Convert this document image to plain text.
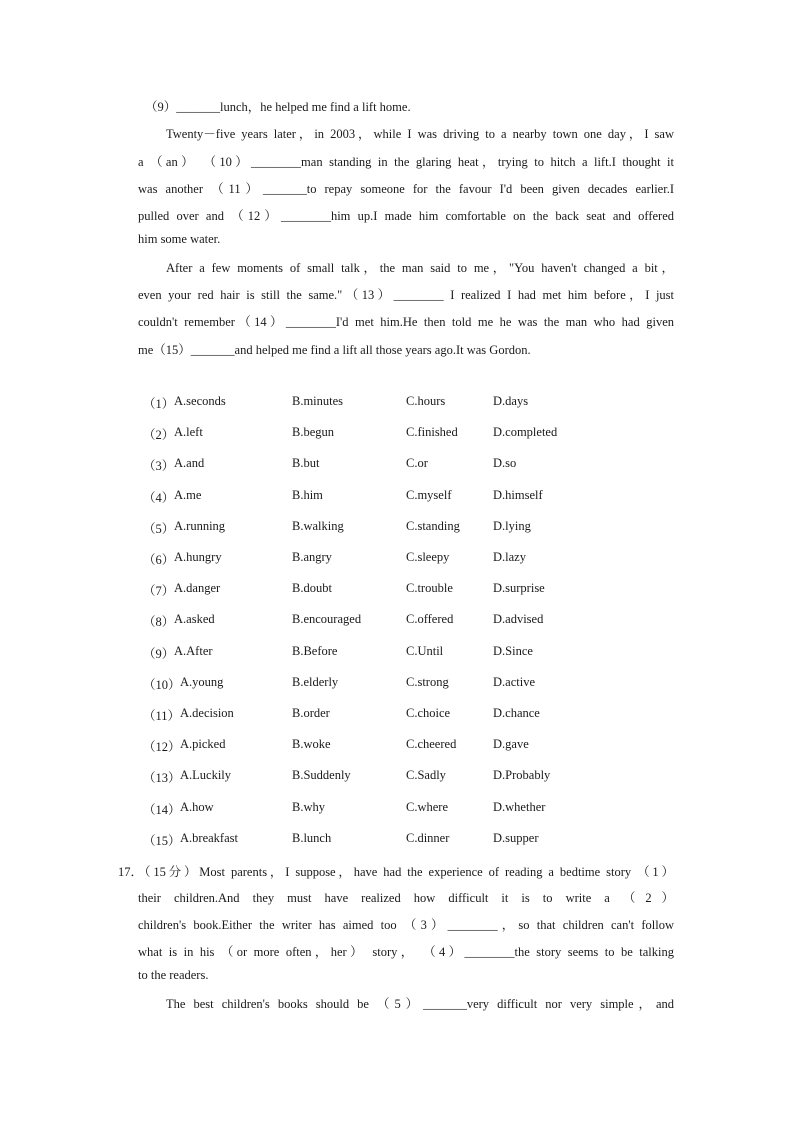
（9）_______lunch，he helped me find a lift home.
Twenty－five years later，in 2003，while I was driving to a nearby town one day，I saw
a （an） （10）________man standing in the glaring heat，trying to hitch a lift.I thought it
was another （11）_______to repay someone for the favour I'd been given decades earlier.I
pulled over and （12）________him up.I made him comfortable on the back seat and offered
him some water.
After a few moments of small talk，the man said to me，"You haven't changed a bit，
even your red hair is still the same."（13）________ I realized I had met him before，I just
couldn't remember（14）________I'd met him.He then told me he was the man who had given
me（15）_______and helped me find a lift all those years ago.It was Gordon.
（1） A.seconds	B.minutes	C.hours	D.days
（2） A.left	B.begun	C.finished	D.completed
（3） A.and	B.but	C.or	D.so
（4） A.me	B.him	C.myself	D.himself
（5） A.running	B.walking	C.standing	D.lying
（6） A.hungry	B.angry	C.sleepy	D.lazy
（7） A.danger	B.doubt	C.trouble	D.surprise
（8） A.asked	B.encouraged	C.offered	D.advised
（9） A.After	B.Before	C.Until	D.Since
（10） A.young	B.elderly	C.strong	D.active
（11） A.decision	B.order	C.choice	D.chance
（12） A.picked	B.woke	C.cheered	D.gave
（13） A.Luckily	B.Suddenly	C.Sadly	D.Probably
（14） A.how	B.why	C.where	D.whether
（15） A.breakfast	B.lunch	C.dinner	D.supper
17．
（15分）Most parents，I suppose，have had the experience of reading a bedtime story （1）
their children.And they must have realized how difficult it is to write a （2）
children's book.Either the writer has aimed too （3）________，so that children can't follow
what is in his （or more often，her） story， （4）________the story seems to be talking
to the readers.
The best children's books should be （5）_______very difficult nor very simple，and
